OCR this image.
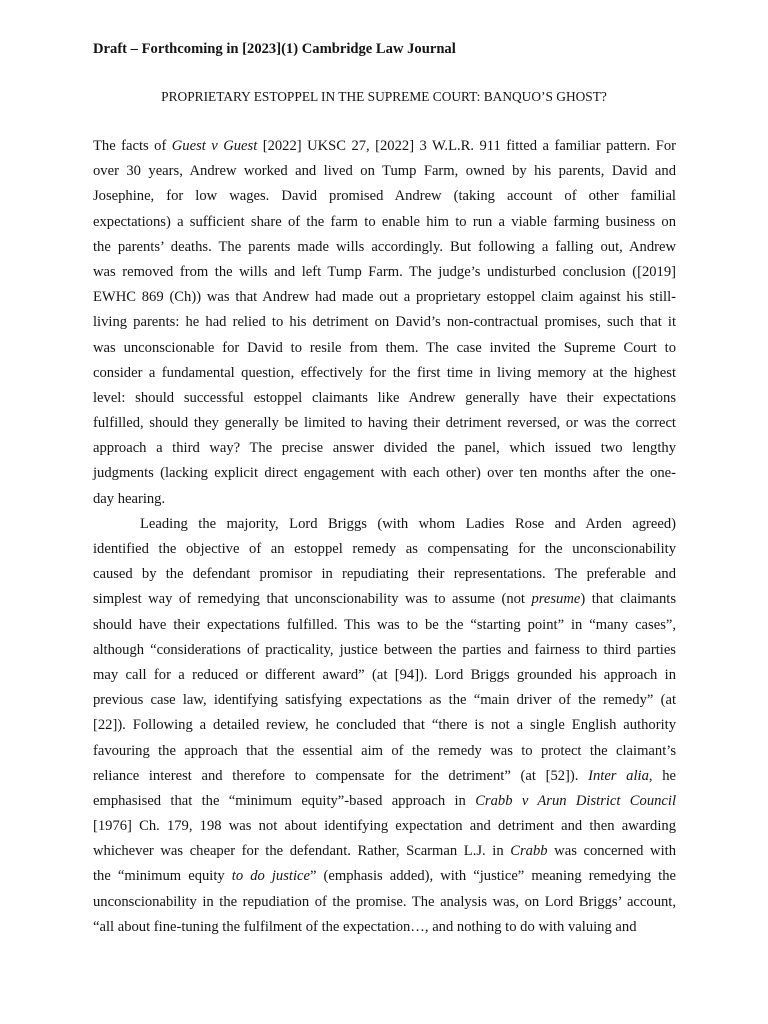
Draft – Forthcoming in [2023](1) Cambridge Law Journal
PROPRIETARY ESTOPPEL IN THE SUPREME COURT: BANQUO’S GHOST?
The facts of Guest v Guest [2022] UKSC 27, [2022] 3 W.L.R. 911 fitted a familiar pattern. For
over 30 years, Andrew worked and lived on Tump Farm, owned by his parents, David and
Josephine, for low wages. David promised Andrew (taking account of other familial
expectations) a sufficient share of the farm to enable him to run a viable farming business on
the parents’ deaths. The parents made wills accordingly. But following a falling out, Andrew
was removed from the wills and left Tump Farm. The judge’s undisturbed conclusion ([2019]
EWHC 869 (Ch)) was that Andrew had made out a proprietary estoppel claim against his still-
living parents: he had relied to his detriment on David’s non-contractual promises, such that it
was unconscionable for David to resile from them. The case invited the Supreme Court to
consider a fundamental question, effectively for the first time in living memory at the highest
level: should successful estoppel claimants like Andrew generally have their expectations
fulfilled, should they generally be limited to having their detriment reversed, or was the correct
approach a third way? The precise answer divided the panel, which issued two lengthy
judgments (lacking explicit direct engagement with each other) over ten months after the one-
day hearing.
Leading the majority, Lord Briggs (with whom Ladies Rose and Arden agreed)
identified the objective of an estoppel remedy as compensating for the unconscionability
caused by the defendant promisor in repudiating their representations. The preferable and
simplest way of remedying that unconscionability was to assume (not presume) that claimants
should have their expectations fulfilled. This was to be the “starting point” in “many cases”,
although “considerations of practicality, justice between the parties and fairness to third parties
may call for a reduced or different award” (at [94]). Lord Briggs grounded his approach in
previous case law, identifying satisfying expectations as the “main driver of the remedy” (at
[22]). Following a detailed review, he concluded that “there is not a single English authority
favouring the approach that the essential aim of the remedy was to protect the claimant’s
reliance interest and therefore to compensate for the detriment” (at [52]). Inter alia, he
emphasised that the “minimum equity”-based approach in Crabb v Arun District Council
[1976] Ch. 179, 198 was not about identifying expectation and detriment and then awarding
whichever was cheaper for the defendant. Rather, Scarman L.J. in Crabb was concerned with
the “minimum equity to do justice” (emphasis added), with “justice” meaning remedying the
unconscionability in the repudiation of the promise. The analysis was, on Lord Briggs’ account,
“all about fine-tuning the fulfilment of the expectation…, and nothing to do with valuing and
